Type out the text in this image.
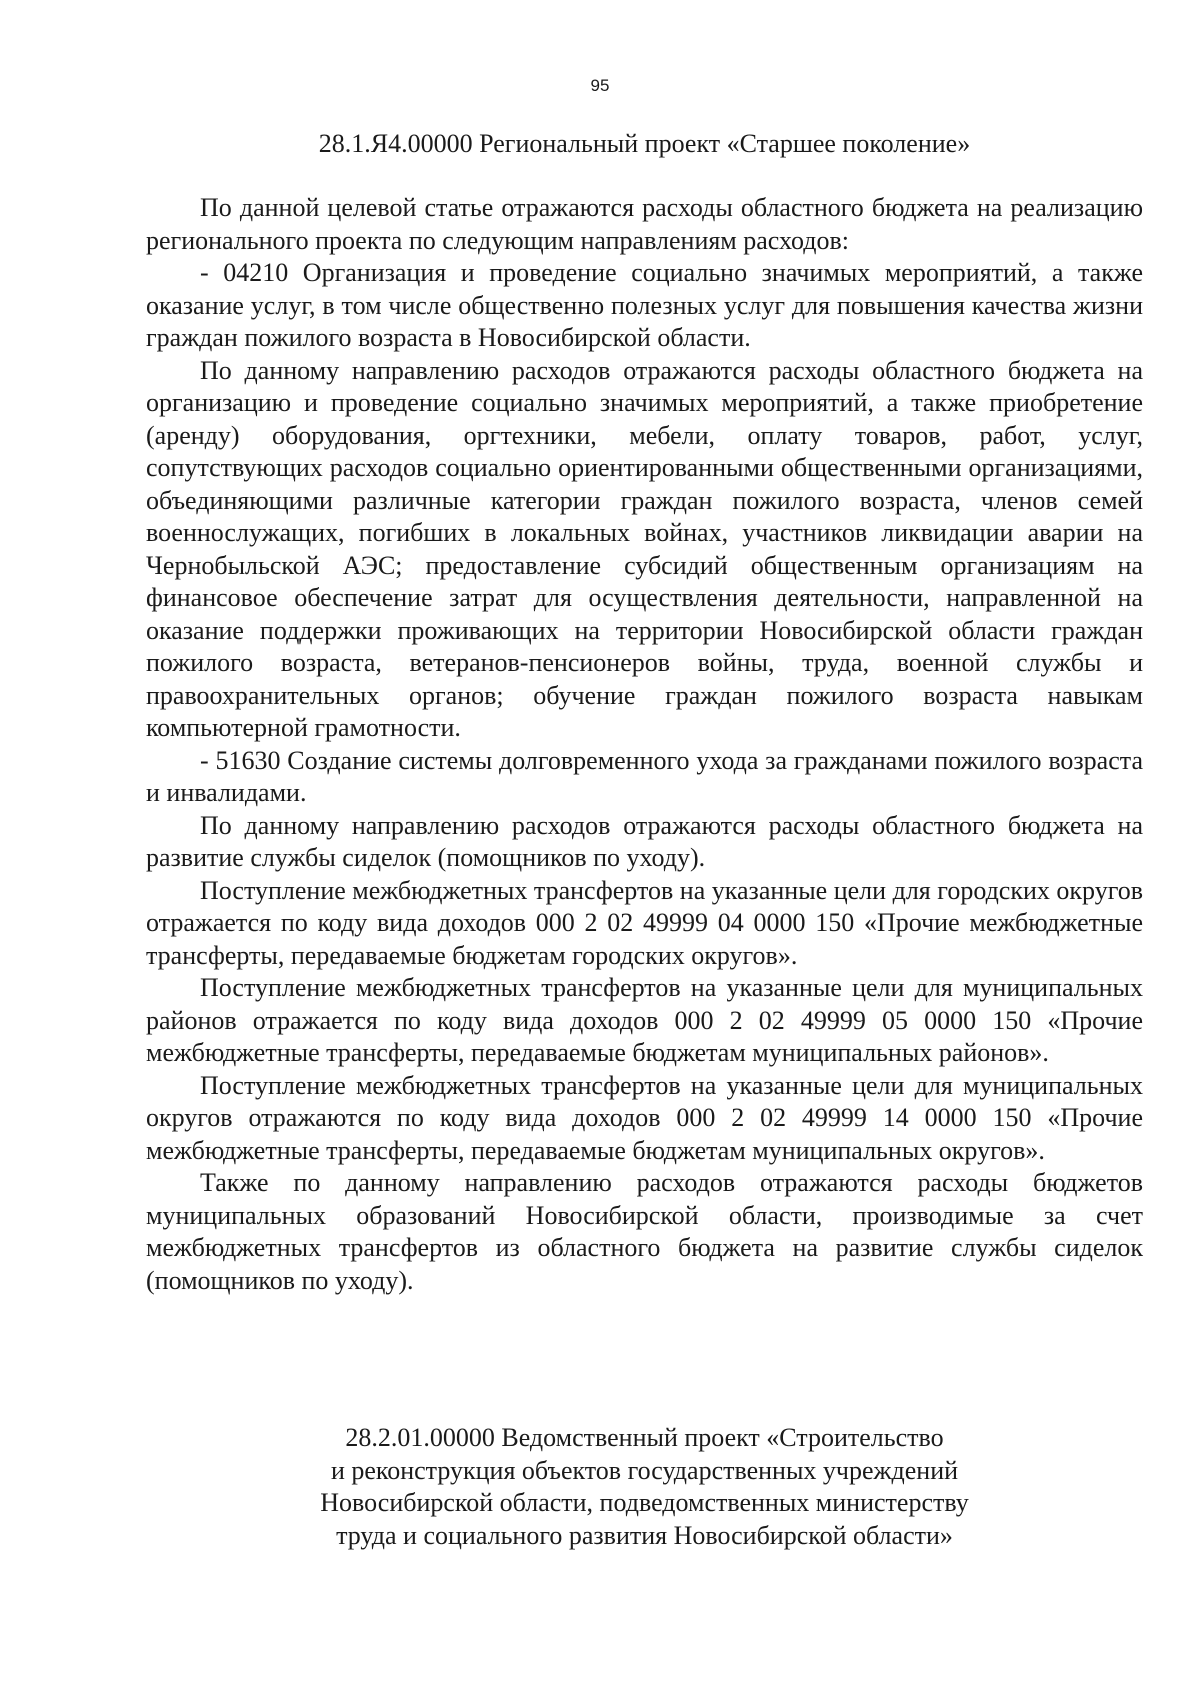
95
28.1.Я4.00000 Региональный проект «Старшее поколение»

По данной целевой статье отражаются расходы областного бюджета на реализацию регионального проекта по следующим направлениям расходов:

- 04210 Организация и проведение социально значимых мероприятий, а также оказание услуг, в том числе общественно полезных услуг для повышения качества жизни граждан пожилого возраста в Новосибирской области.

По данному направлению расходов отражаются расходы областного бюджета на организацию и проведение социально значимых мероприятий, а также приобретение (аренду) оборудования, оргтехники, мебели, оплату товаров, работ, услуг, сопутствующих расходов социально ориентированными общественными организациями, объединяющими различные категории граждан пожилого возраста, членов семей военнослужащих, погибших в локальных войнах, участников ликвидации аварии на Чернобыльской АЭС; предоставление субсидий общественным организациям на финансовое обеспечение затрат для осуществления деятельности, направленной на оказание поддержки проживающих на территории Новосибирской области граждан пожилого возраста, ветеранов-пенсионеров войны, труда, военной службы и правоохранительных органов; обучение граждан пожилого возраста навыкам компьютерной грамотности.

- 51630 Создание системы долговременного ухода за гражданами пожилого возраста и инвалидами.

По данному направлению расходов отражаются расходы областного бюджета на развитие службы сиделок (помощников по уходу).

Поступление межбюджетных трансфертов на указанные цели для городских округов отражается по коду вида доходов 000 2 02 49999 04 0000 150 «Прочие межбюджетные трансферты, передаваемые бюджетам городских округов».

Поступление межбюджетных трансфертов на указанные цели для муниципальных районов отражается по коду вида доходов 000 2 02 49999 05 0000 150 «Прочие межбюджетные трансферты, передаваемые бюджетам муниципальных районов».

Поступление межбюджетных трансфертов на указанные цели для муниципальных округов отражаются по коду вида доходов 000 2 02 49999 14 0000 150 «Прочие межбюджетные трансферты, передаваемые бюджетам муниципальных округов».

Также по данному направлению расходов отражаются расходы бюджетов муниципальных образований Новосибирской области, производимые за счет межбюджетных трансфертов из областного бюджета на развитие службы сиделок (помощников по уходу).

28.2.01.00000 Ведомственный проект «Строительство
и реконструкция объектов государственных учреждений
Новосибирской области, подведомственных министерству
труда и социального развития Новосибирской области»
